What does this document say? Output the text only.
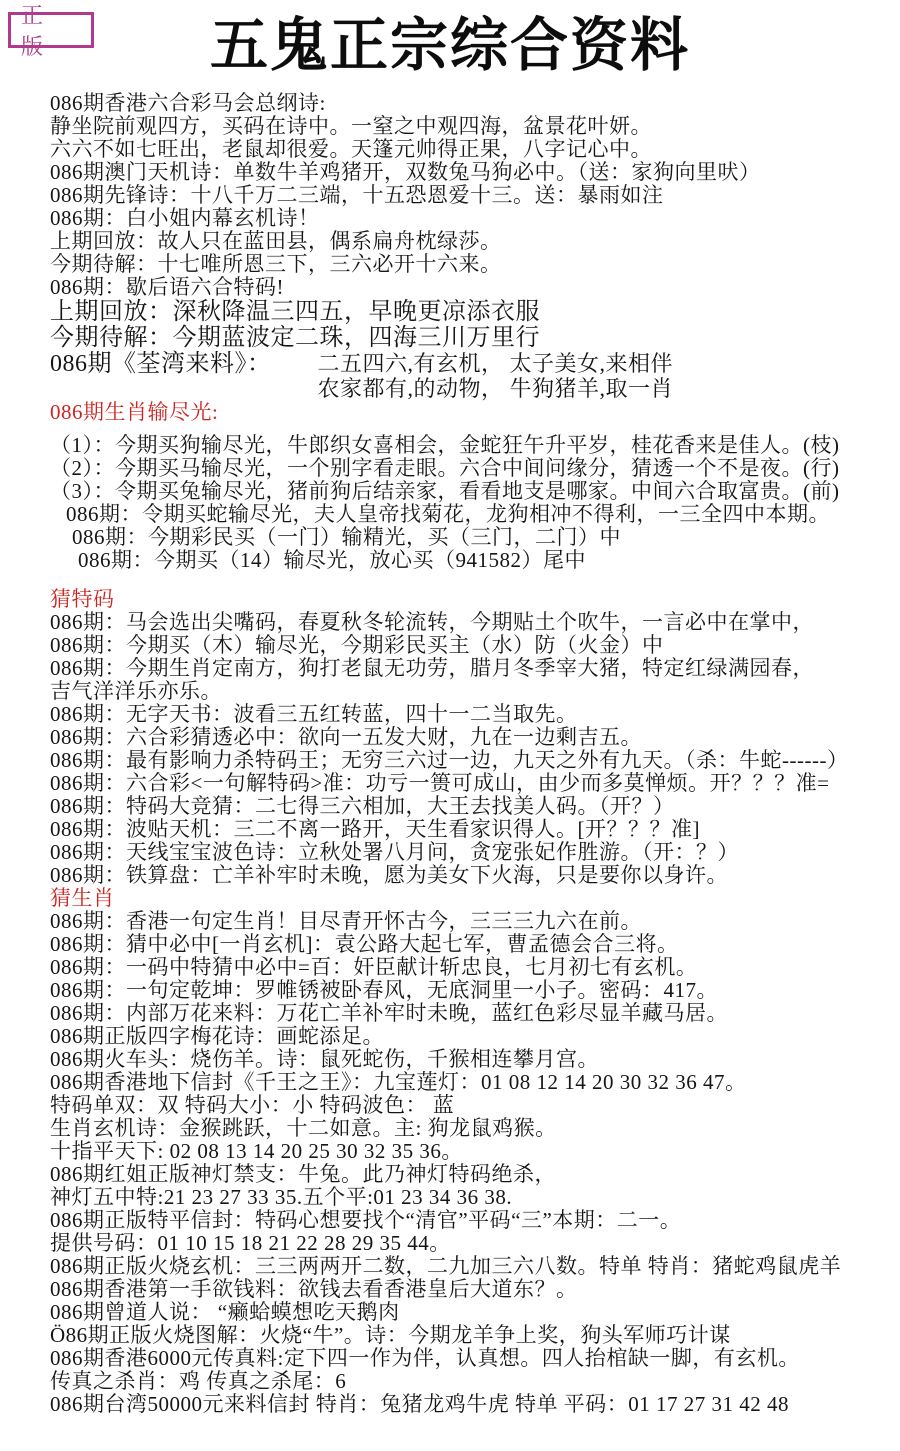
正 版	五鬼正宗综合资料

086期香港六合彩马会总纲诗:

静坐院前观四方，买码在诗中。一窒之中观四海，盆景花叶妍。

六六不如七旺出，老鼠却很爱。天篷元帅得正果，八字记心中。

086期澳门天机诗：单数牛羊鸡猪开，双数兔马狗必中。（送：家狗向里吠）

086期先锋诗：十八千万二三端，十五恐恩爱十三。送：暴雨如注

086期：白小姐内幕玄机诗！

上期回放：故人只在蓝田县，偶系扁舟枕绿莎。

今期待解：十七唯所恩三下，三六必开十六来。

086期：歇后语六合特码!

上期回放：深秋降温三四五，早晚更凉添衣服

今期待解：今期蓝波定二珠，四海三川万里行

086期《荃湾来料》： 二五四六,有玄机， 太子美女,来相伴
农家都有,的动物， 牛狗猪羊,取一肖

086期生肖输尽光:

（1）：今期买狗输尽光，牛郎织女喜相会，金蛇狂午升平岁，桂花香来是佳人。(枝)

（2）：今期买马输尽光，一个别字看走眼。六合中间问缘分，猜透一个不是夜。(行)

（3）：令期买兔输尽光，猪前狗后结亲家，看看地支是哪家。中间六合取富贵。(前)

086期：令期买蛇输尽光，夫人皇帝找菊花，龙狗相冲不得利，一三全四中本期。

086期：今期彩民买（一门）输精光，买（三门，二门）中

086期：今期买（14）输尽光，放心买（941582）尾中

猜特码

086期：马会选出尖嘴码，春夏秋冬轮流转，今期贴土个吹牛，一言必中在掌中，

086期：今期买（木）输尽光，今期彩民买主（水）防（火金）中

086期：今期生肖定南方，狗打老鼠无功劳，腊月冬季宰大猪，特定红绿满园春，

吉气洋洋乐亦乐。

086期：无字天书：波看三五红转蓝，四十一二当取先。

086期：六合彩猜透必中：欲向一五发大财，九在一边剩吉五。

086期：最有影响力杀特码王；无穷三六过一边，九天之外有九天。（杀：牛蛇------）

086期：六合彩<一句解特码>准：功亏一篑可成山，由少而多莫惮烦。开？？？准=

086期：特码大竞猜：二七得三六相加，大王去找美人码。（开？）

086期：波贴天机：三二不离一路开，天生看家识得人。[开？？？准]

086期：天线宝宝波色诗：立秋处署八月问，贪宠张妃作胜游。（开：？）

086期：铁算盘：亡羊补牢时未晚，愿为美女下火海，只是要你以身许。

猜生肖

086期：香港一句定生肖！目尽青开怀古今，三三三九六在前。

086期：猜中必中[一肖玄机]：袁公路大起七军，曹孟德会合三将。

086期：一码中特猜中必中=百：奸臣献计斩忠良，七月初七有玄机。

086期：一句定乾坤：罗帷锈被卧春风，无底洞里一小子。密码：417。

086期：内部万花来料：万花亡羊补牢时未晚，蓝红色彩尽显羊藏马居。

086期正版四字梅花诗：画蛇添足。

086期火车头：烧伤羊。诗：鼠死蛇伤，千猴相连攀月宫。

086期香港地下信封《千王之王》：九宝莲灯：01 08 12 14 20 30 32 36 47。

特码单双：双 特码大小：小 特码波色： 蓝

生肖玄机诗：金猴跳跃，十二如意。主: 狗龙鼠鸡猴。

十指平天下: 02 08 13 14 20 25 30 32 35 36。

086期红姐正版神灯禁支：牛兔。此乃神灯特码绝杀，

神灯五中特:21 23 27 33 35.五个平:01 23 34 36 38.

086期正版特平信封：特码心想要找个“清官”平码“三”本期：二一。

提供号码：01 10 15 18 21 22 28 29 35 44。

086期正版火烧玄机：三三两两开二数，二九加三六八数。特单 特肖：猪蛇鸡鼠虎羊

086期香港第一手欲钱料：欲钱去看香港皇后大道东？。

086期曾道人说： “癞蛤蟆想吃天鹅肉

Ö86期正版火烧图解：火烧“牛”。诗：今期龙羊争上奖，狗头军师巧计谋

086期香港6000元传真料:定下四一作为伴，认真想。四人抬棺缺一脚，有玄机。

传真之杀肖：鸡 传真之杀尾：6

086期台湾50000元来料信封 特肖：兔猪龙鸡牛虎 特单 平码：01 17 27 31 42 48
